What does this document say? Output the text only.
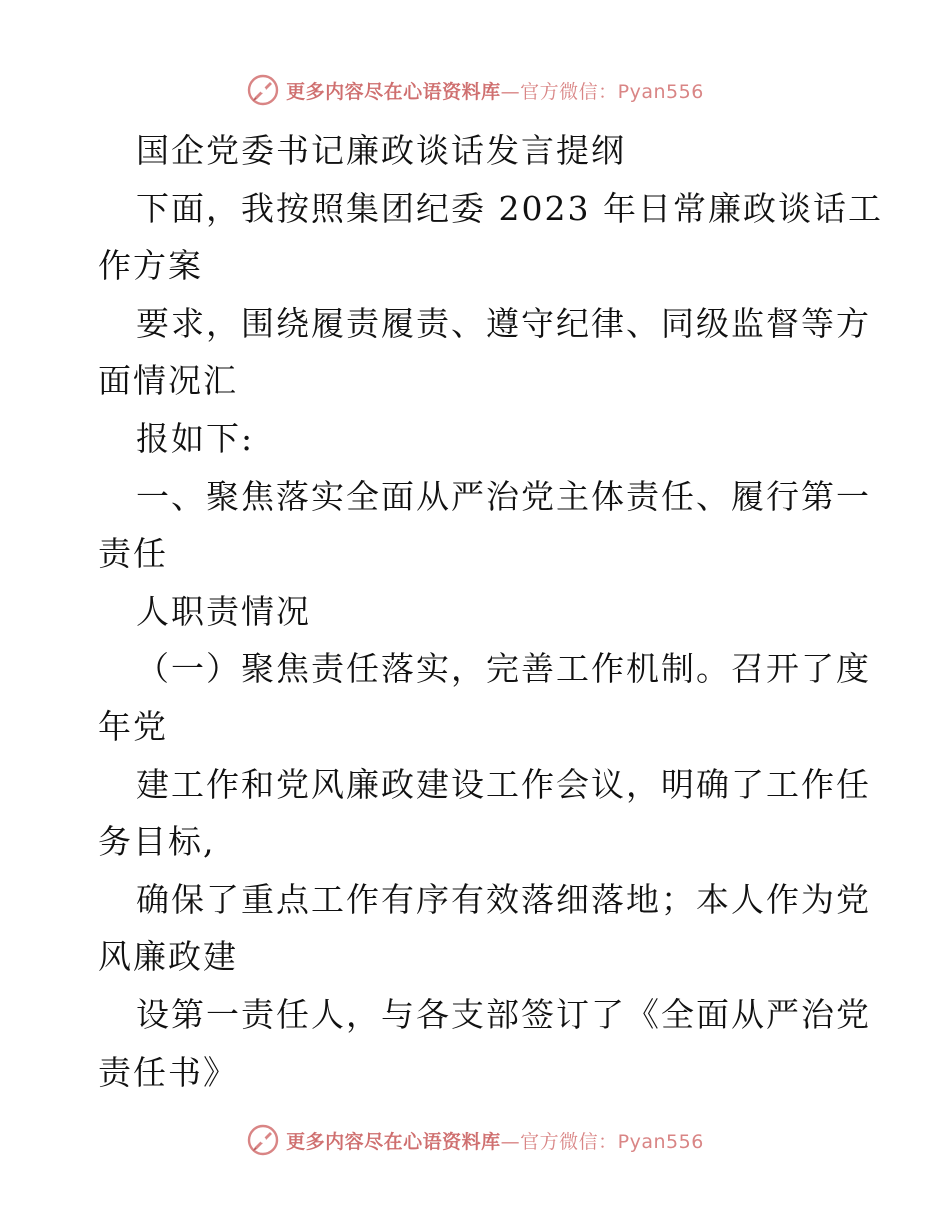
更多内容尽在心语资料库—官方微信：Pyan556
国企党委书记廉政谈话发言提纲
下面，我按照集团纪委 2023 年日常廉政谈话工
作方案
要求，围绕履责履责、遵守纪律、同级监督等方
面情况汇
报如下:
一、聚焦落实全面从严治党主体责任、履行第一
责任
人职责情况
（一）聚焦责任落实，完善工作机制。召开了度
年党
建工作和党风廉政建设工作会议，明确了工作任
务目标,
确保了重点工作有序有效落细落地；本人作为党
风廉政建
设第一责任人，与各支部签订了《全面从严治党
责任书》
更多内容尽在心语资料库—官方微信：Pyan556
